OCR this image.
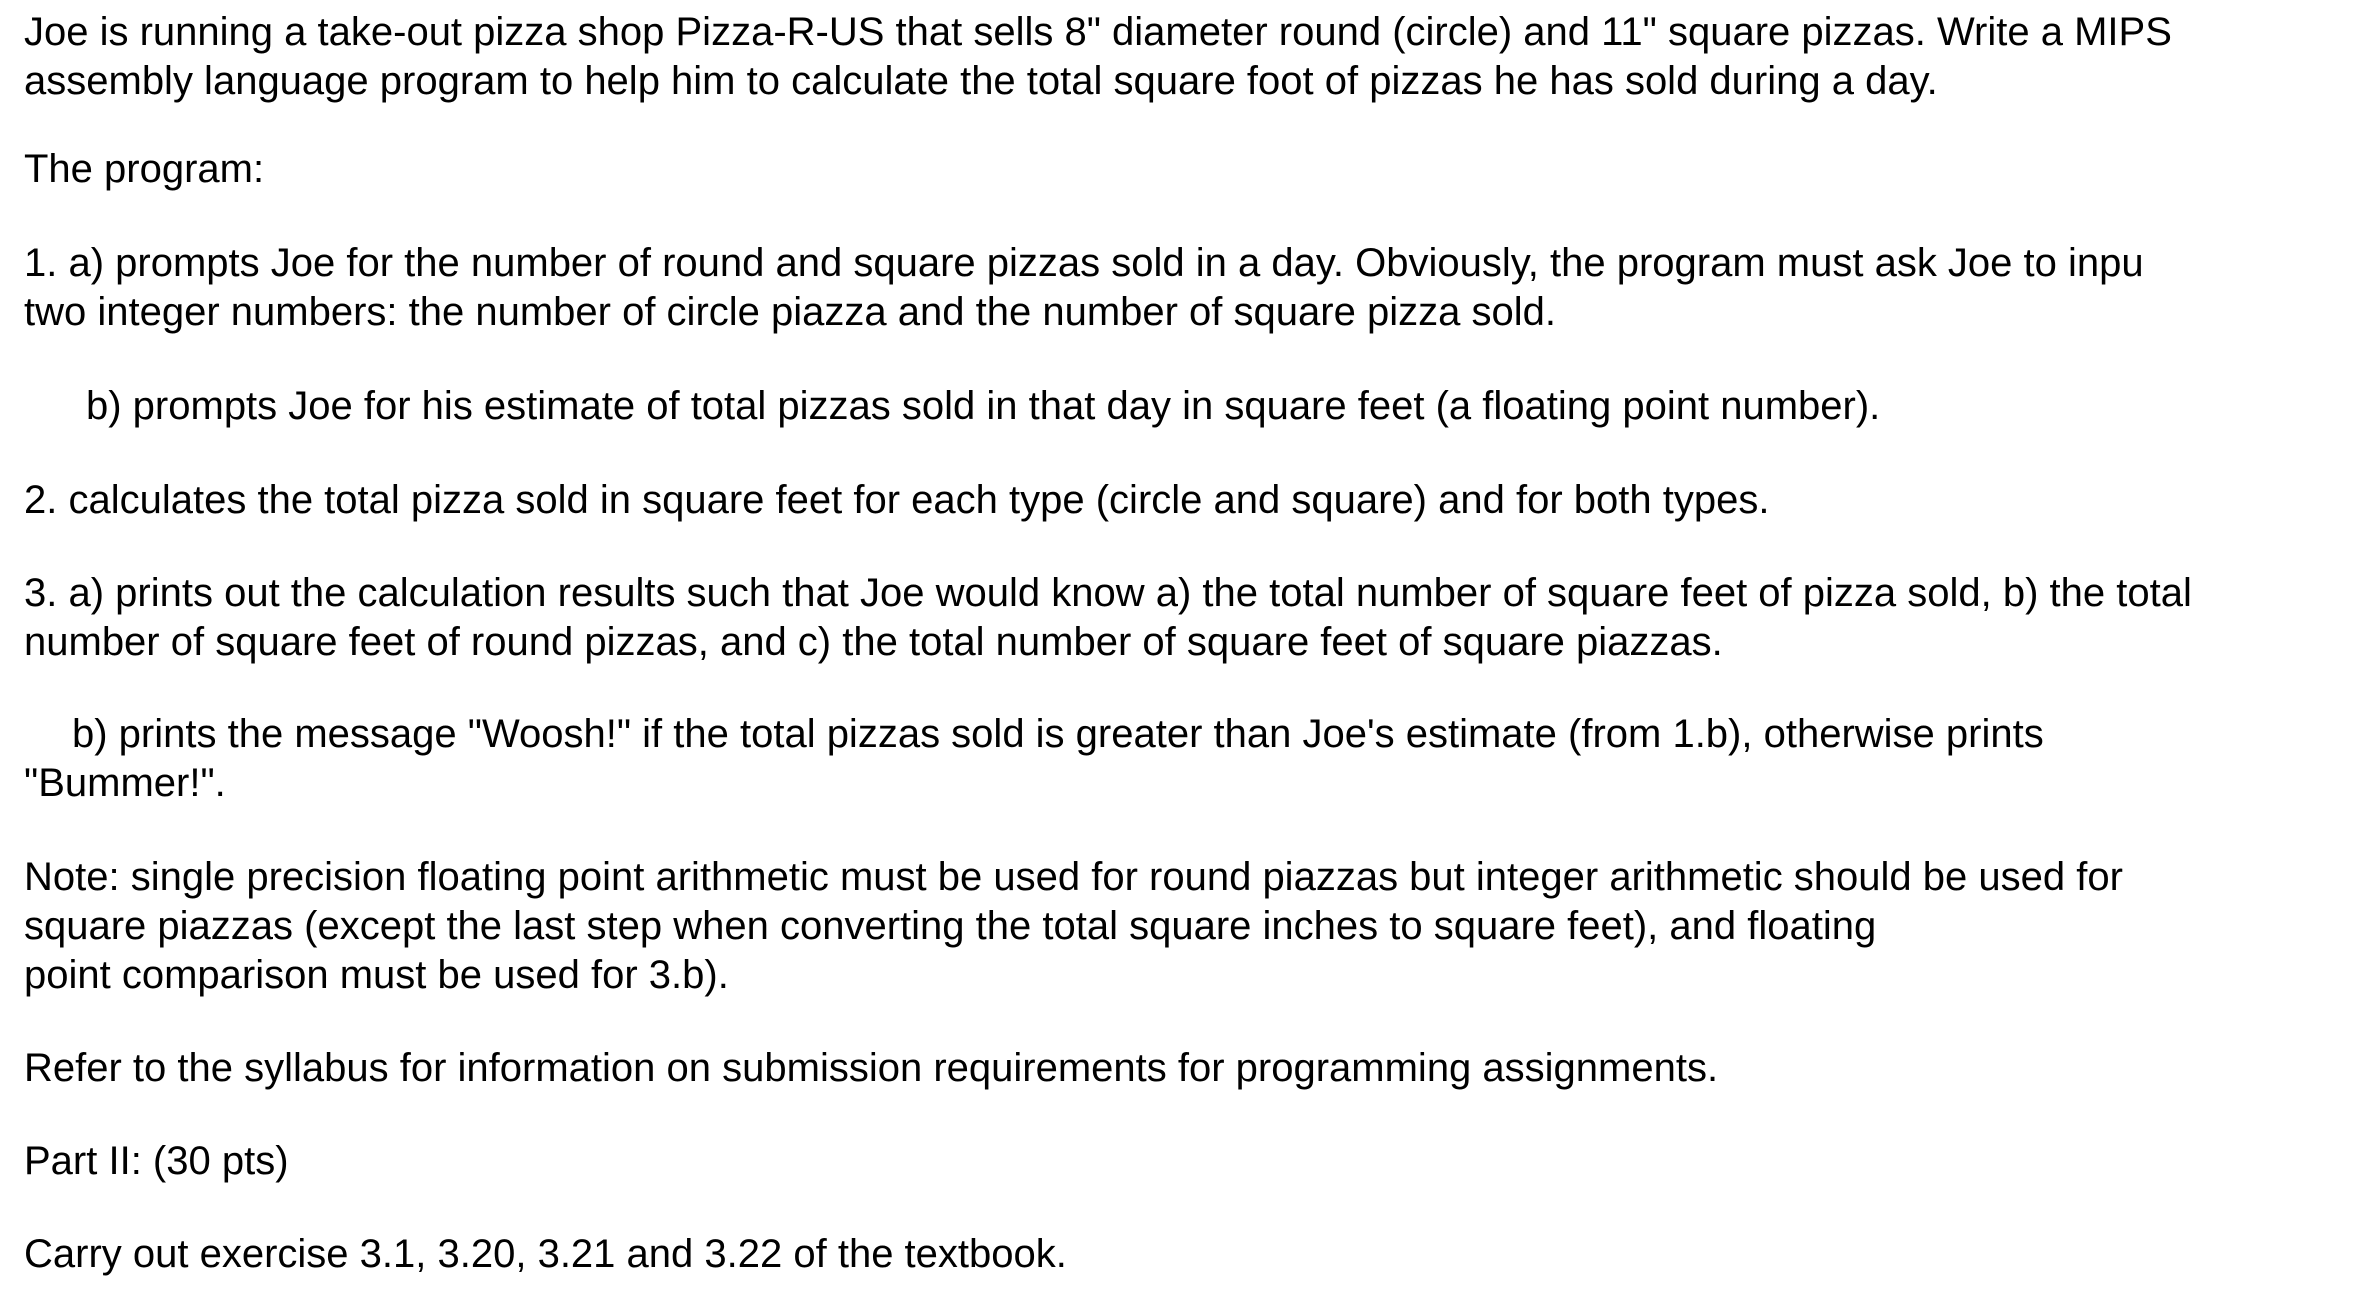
Joe is running a take-out pizza shop Pizza-R-US that sells 8" diameter round (circle) and 11" square pizzas. Write a MIPS
assembly language program to help him to calculate the total square foot of pizzas he has sold during a day.
The program:
1. a) prompts Joe for the number of round and square pizzas sold in a day. Obviously, the program must ask Joe to inpu
two integer numbers: the number of circle piazza and the number of square pizza sold.
b) prompts Joe for his estimate of total pizzas sold in that day in square feet (a floating point number).
2. calculates the total pizza sold in square feet for each type (circle and square) and for both types.
3. a) prints out the calculation results such that Joe would know a) the total number of square feet of pizza sold, b) the total
number of square feet of round pizzas, and c) the total number of square feet of square piazzas.
b) prints the message "Woosh!" if the total pizzas sold is greater than Joe's estimate (from 1.b), otherwise prints
"Bummer!".
Note: single precision floating point arithmetic must be used for round piazzas but integer arithmetic should be used for
square piazzas (except the last step when converting the total square inches to square feet), and floating
point comparison must be used for 3.b).
Refer to the syllabus for information on submission requirements for programming assignments.
Part II: (30 pts)
Carry out exercise 3.1, 3.20, 3.21 and 3.22 of the textbook.
